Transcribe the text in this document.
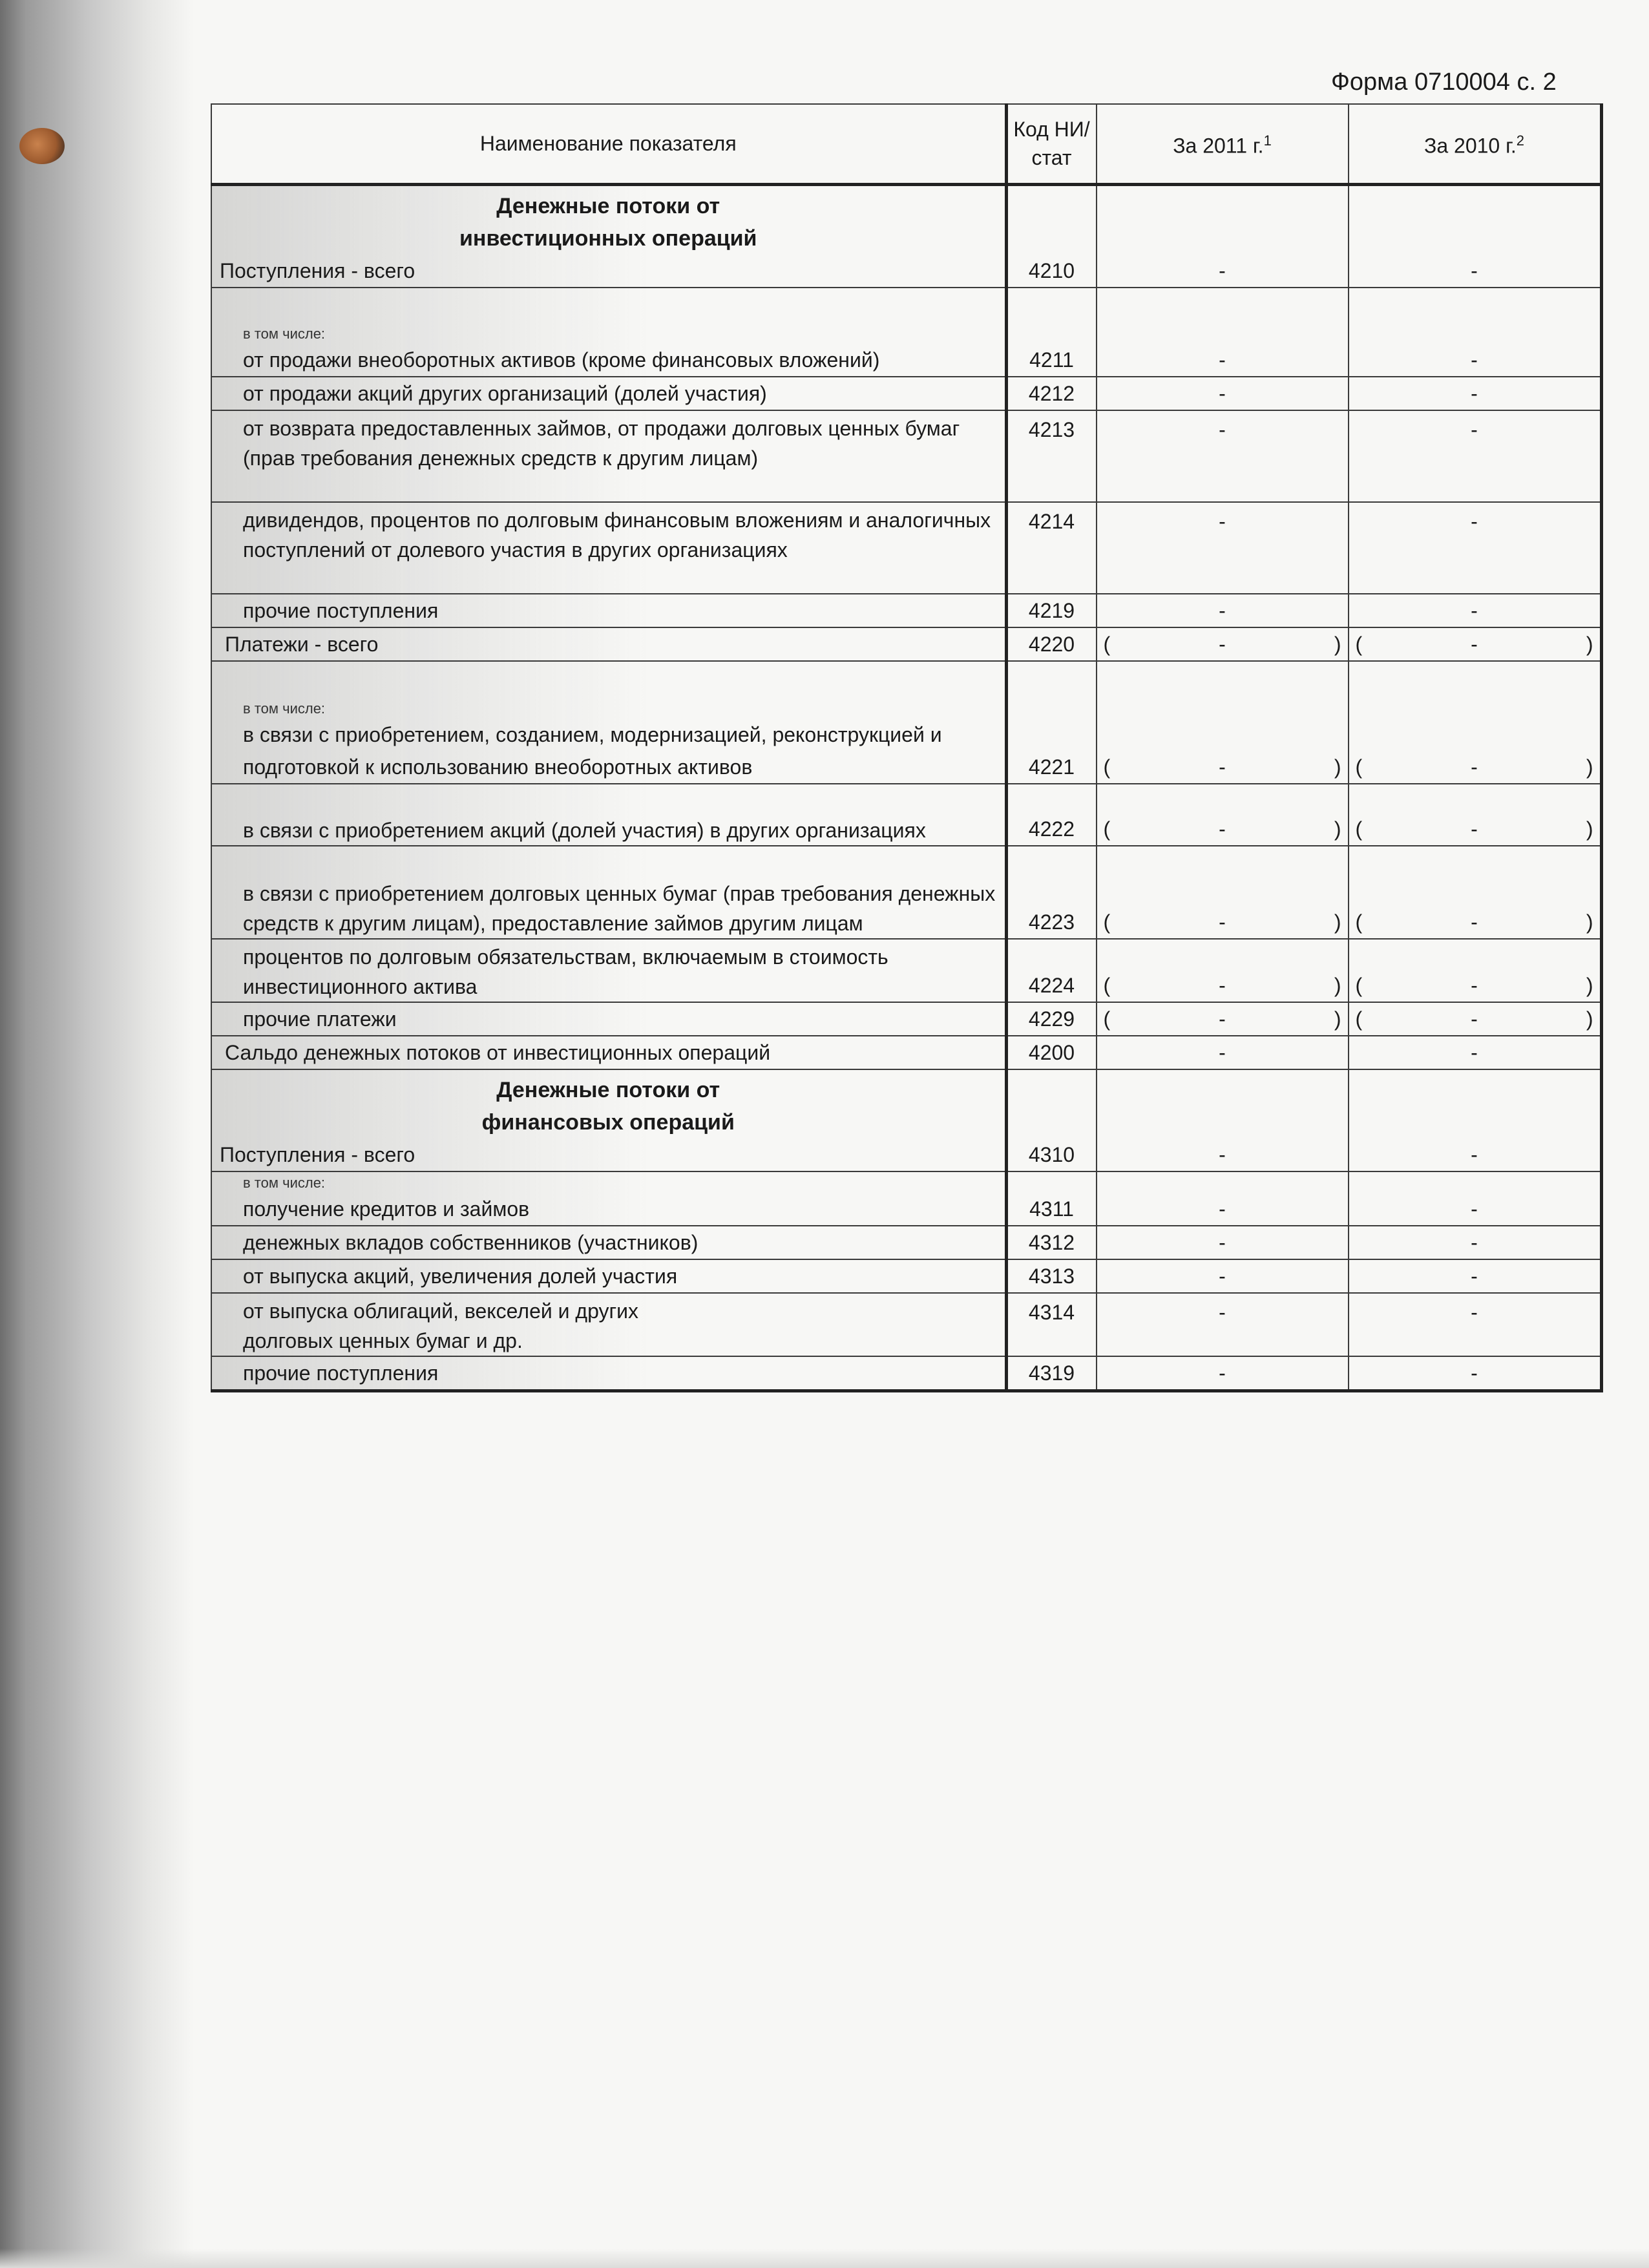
Форма 0710004 с. 2
Наименование показателя	Код НИ/ стат	За 2011 г.$^1$	За 2010 г.$^2$

Денежные потоки от инвестиционных операций
Поступления - всего	4210	-	-

в том числе:
от продажи внеоборотных активов (кроме финансовых вложений)	4211	-	-
от продажи акций других организаций (долей участия)	4212	-	-
от возврата предоставленных займов, от продажи долговых ценных бумаг (прав требования денежных средств к другим лицам)	4213	-	-
дивидендов, процентов по долговым финансовым вложениям и аналогичных поступлений от долевого участия в других организациях	4214	-	-
прочие поступления	4219	-	-
Платежи - всего	4220	( - )	( - )

в том числе:
в связи с приобретением, созданием, модернизацией, реконструкцией и подготовкой к использованию внеоборотных активов	4221	( - )	( - )

в связи с приобретением акций (долей участия) в других организациях	4222	( - )	( - )

в связи с приобретением долговых ценных бумаг (прав требования денежных средств к другим лицам), предоставление займов другим лицам	4223	( - )	( - )

процентов по долговым обязательствам, включаемым в стоимость инвестиционного актива	4224	( - )	( - )

прочие платежи	4229	( - )	( - )

Сальдо денежных потоков от инвестиционных операций	4200	-	-

Денежные потоки от финансовых операций
Поступления - всего	4310	-	-

в том числе:
получение кредитов и займов	4311	-	-
денежных вкладов собственников (участников)	4312	-	-
от выпуска акций, увеличения долей участия	4313	-	-
от выпуска облигаций, векселей и других долговых ценных бумаг и др.	4314	-	-
прочие поступления	4319	-	-
